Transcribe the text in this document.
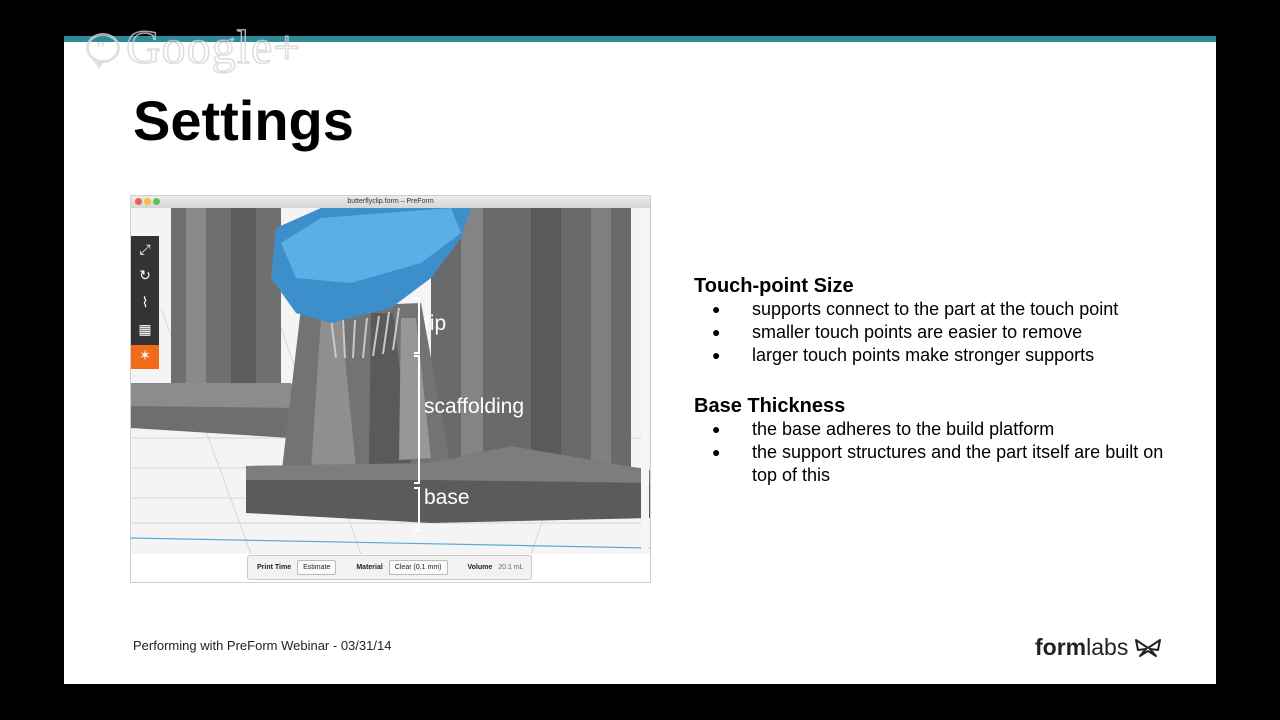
" Google+
Settings
butterflyclip.form – PreForm
tip
scaffolding
base
⤢
↻
⌇
▦
✶
Print Time	Estimate	Material	Clear (0.1 mm)	Volume 20.1 mL
Touch-point Size
● supports connect to the part at the touch point
● smaller touch points are easier to remove
● larger touch points make stronger supports
Base Thickness
● the base adheres to the build platform
● the support structures and the part itself are built on top of this
Performing with PreForm Webinar - 03/31/14	form labs
